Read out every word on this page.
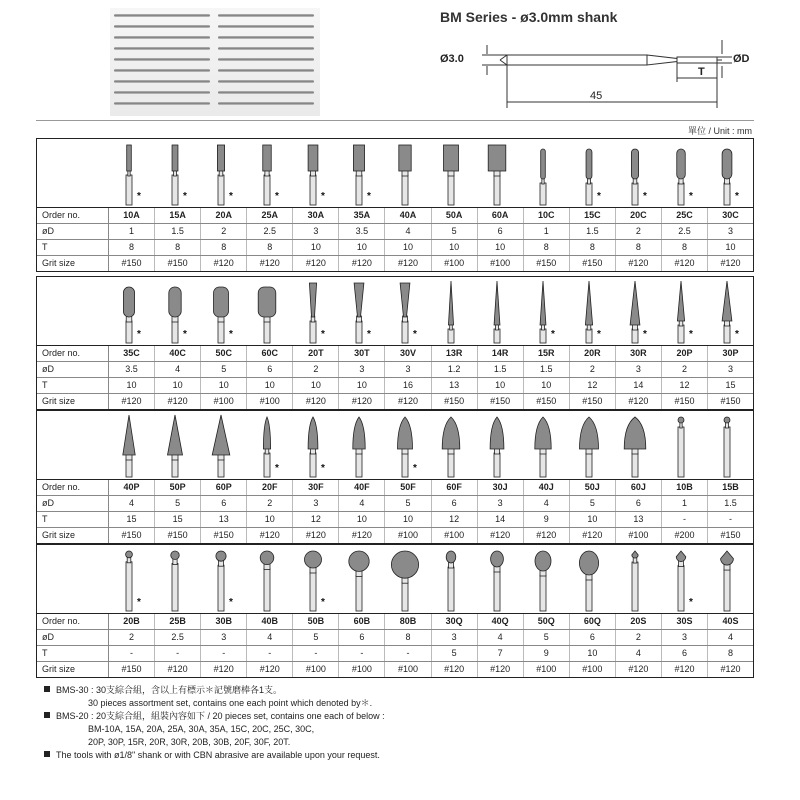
BM Series - ø3.0mm shank
Ø3.0	ØD
T
45
單位 / Unit : mm
*	*	*	*	*	*	*	*	*	*
Order no.	10A	15A	20A	25A	30A	35A	40A	50A	60A	10C	15C	20C	25C	30C
øD	1	1.5	2	2.5	3	3.5	4	5	6	1	1.5	2	2.5	3
T	8	8	8	8	10	10	10	10	10	8	8	8	8	10
Grit size	#150	#150	#120	#120	#120	#120	#120	#100	#100	#150	#150	#120	#120	#120
*	*	*	*	*	*	*	*	*	*	*
Order no.	35C	40C	50C	60C	20T	30T	30V	13R	14R	15R	20R	30R	20P	30P
øD	3.5	4	5	6	2	3	3	1.2	1.5	1.5	2	3	2	3
T	10	10	10	10	10	10	16	13	10	10	12	14	12	15
Grit size	#120	#120	#100	#100	#120	#120	#120	#150	#150	#150	#150	#120	#150	#150
*	*	*
Order no.	40P	50P	60P	20F	30F	40F	50F	60F	30J	40J	50J	60J	10B	15B
øD	4	5	6	2	3	4	5	6	3	4	5	6	1	1.5
T	15	15	13	10	12	10	10	12	14	9	10	13	-	-
Grit size	#150	#150	#150	#120	#120	#120	#100	#100	#120	#120	#120	#100	#200	#150
*	*	*	*
Order no.	20B	25B	30B	40B	50B	60B	80B	30Q	40Q	50Q	60Q	20S	30S	40S
øD	2	2.5	3	4	5	6	8	3	4	5	6	2	3	4
T	-	-	-	-	-	-	-	5	7	9	10	4	6	8
Grit size	#150	#120	#120	#120	#100	#100	#100	#120	#120	#100	#100	#120	#120	#120
BMS-30 : 30支綜合組，含以上有標示＊記號磨棒各1支。
30 pieces assortment set, contains one each point which denoted by＊.
BMS-20 : 20支綜合組，組裝內容如下 / 20 pieces set, contains one each of below :
BM-10A, 15A, 20A, 25A, 30A, 35A, 15C, 20C, 25C, 30C,
20P, 30P, 15R, 20R, 30R, 20B, 30B, 20F, 30F, 20T.
The tools with ø1/8" shank or with CBN abrasive are available upon your request.
